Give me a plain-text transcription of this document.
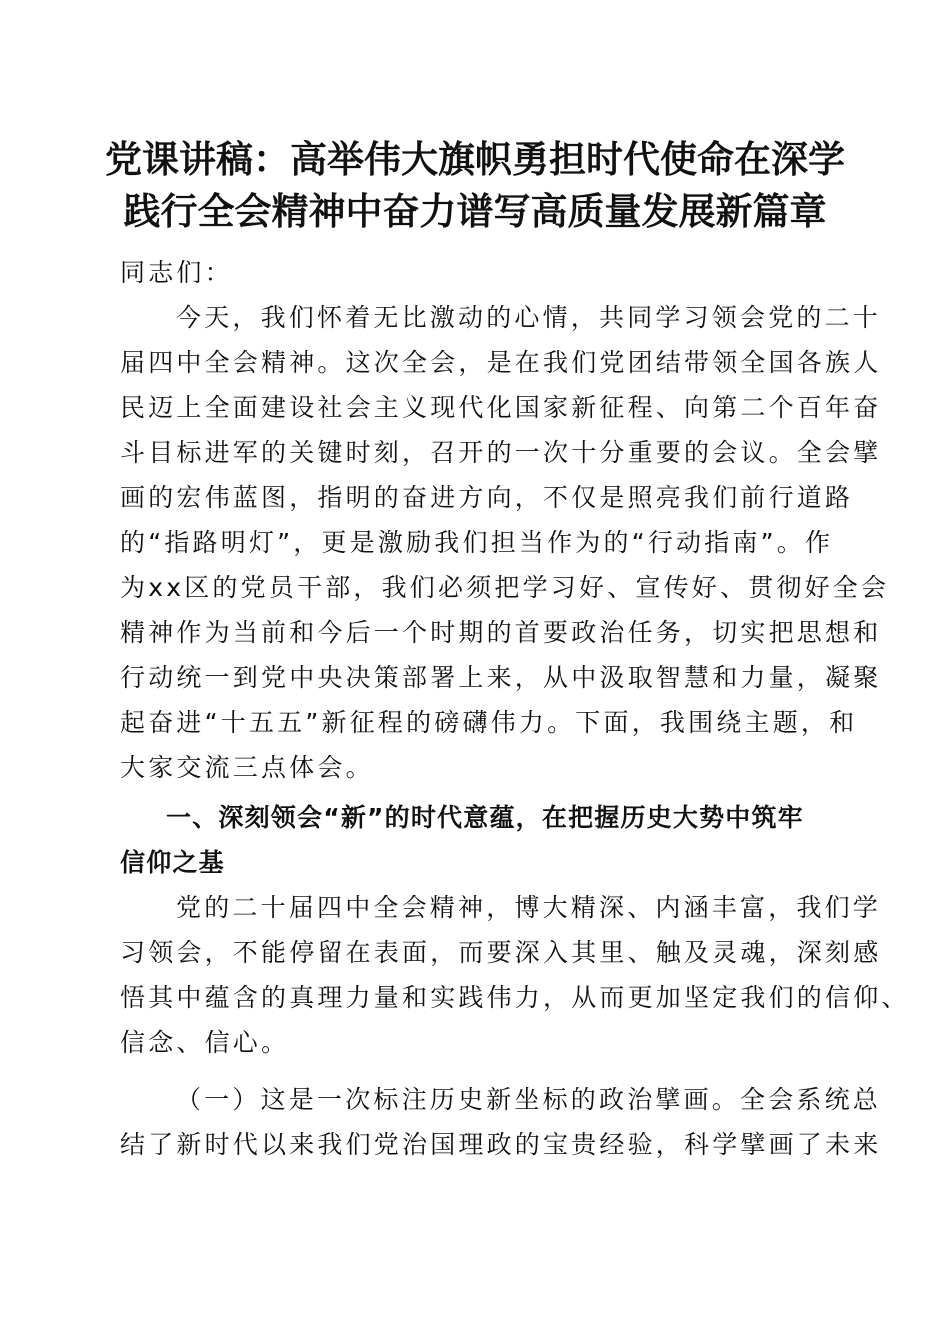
党课讲稿：高举伟大旗帜勇担时代使命在深学
践行全会精神中奋力谱写高质量发展新篇章

同志们：

今天，我们怀着无比激动的心情，共同学习领会党的二十
届四中全会精神。这次全会，是在我们党团结带领全国各族人
民迈上全面建设社会主义现代化国家新征程、向第二个百年奋
斗目标进军的关键时刻，召开的一次十分重要的会议。全会擘
画的宏伟蓝图，指明的奋进方向，不仅是照亮我们前行道路
的“指路明灯”，更是激励我们担当作为的“行动指南”。作
为xx区的党员干部，我们必须把学习好、宣传好、贯彻好全会
精神作为当前和今后一个时期的首要政治任务，切实把思想和
行动统一到党中央决策部署上来，从中汲取智慧和力量，凝聚
起奋进“十五五”新征程的磅礴伟力。下面，我围绕主题，和
大家交流三点体会。

一、深刻领会“新”的时代意蕴，在把握历史大势中筑牢
信仰之基

党的二十届四中全会精神，博大精深、内涵丰富，我们学
习领会，不能停留在表面，而要深入其里、触及灵魂，深刻感
悟其中蕴含的真理力量和实践伟力，从而更加坚定我们的信仰、
信念、信心。

（一）这是一次标注历史新坐标的政治擘画。全会系统总
结了新时代以来我们党治国理政的宝贵经验，科学擘画了未来
